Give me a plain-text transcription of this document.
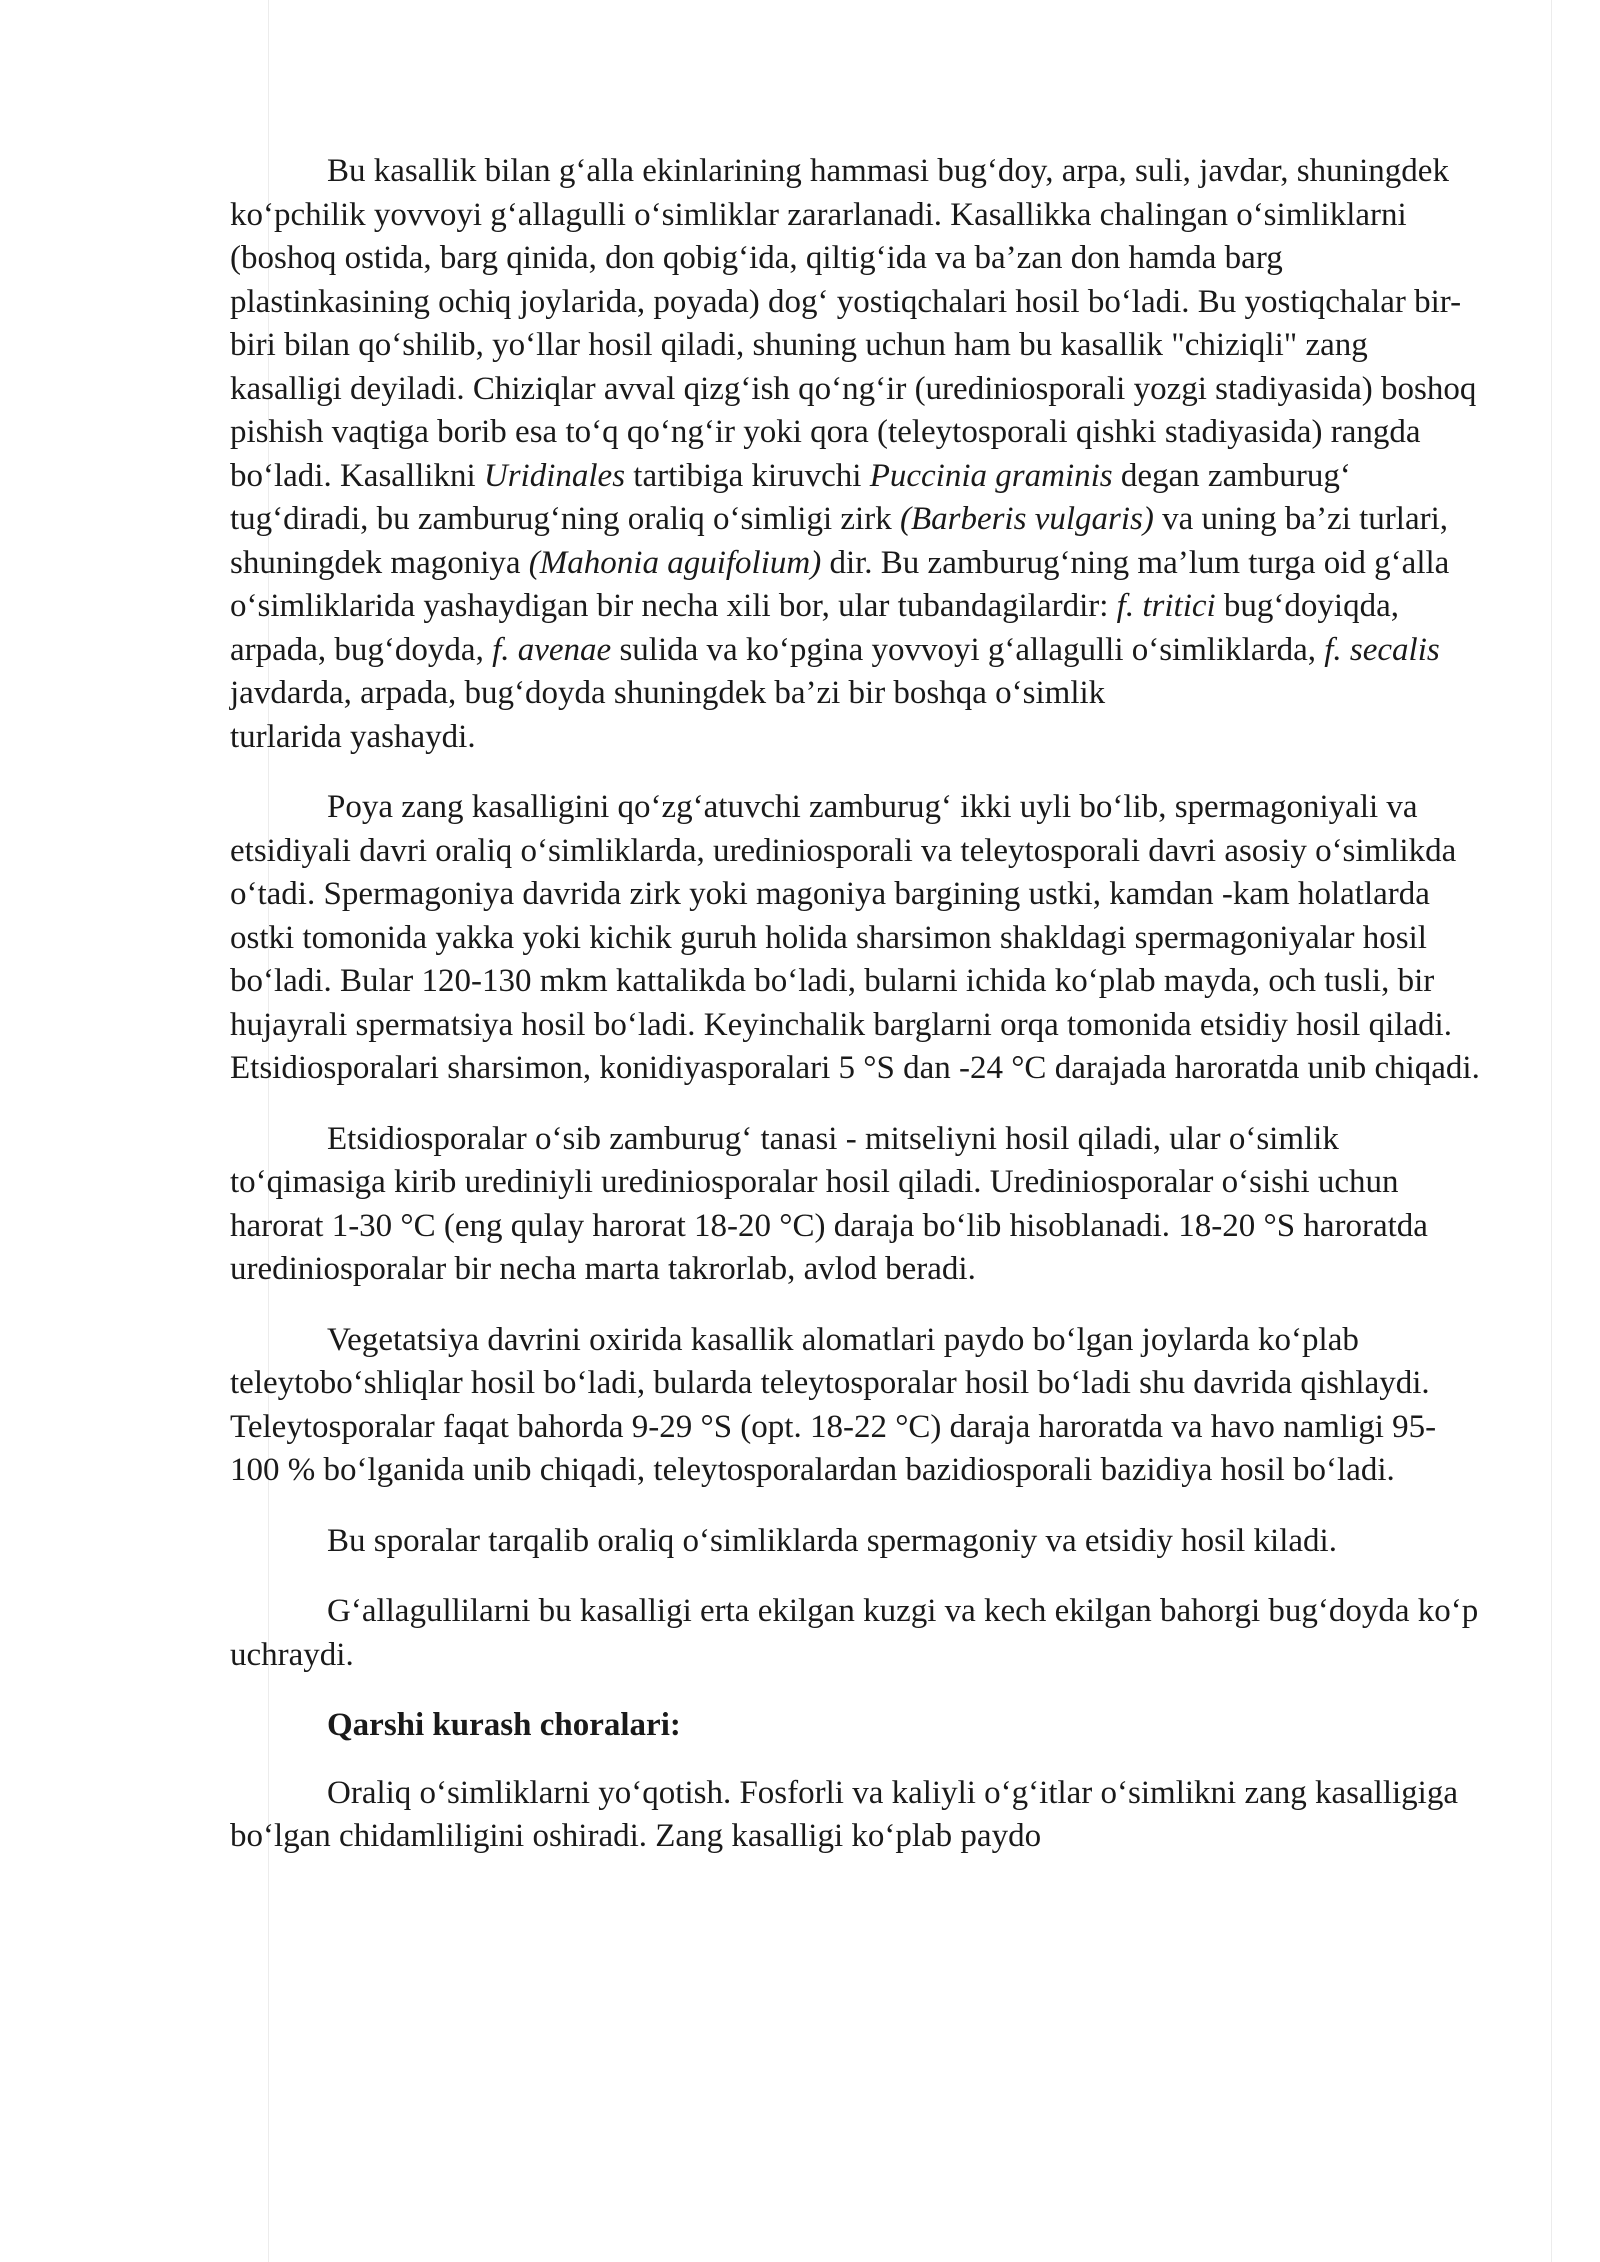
Bu kasallik bilan g‘alla ekinlarining hammasi bug‘doy, arpa, suli, javdar, shuningdek ko‘pchilik yovvoyi g‘allagulli o‘simliklar zararlanadi. Kasallikka chalingan o‘simliklarni (boshoq ostida, barg qinida, don qobig‘ida, qiltig‘ida va ba’zan don hamda barg plastinkasining ochiq joylarida, poyada) dog‘ yostiqchalari hosil bo‘ladi. Bu yostiqchalar bir-biri bilan qo‘shilib, yo‘llar hosil qiladi, shuning uchun ham bu kasallik "chiziqli" zang kasalligi deyiladi. Chiziqlar avval qizg‘ish qo‘ng‘ir (urediniosporali yozgi stadiyasida) boshoq pishish vaqtiga borib esa to‘q qo‘ng‘ir yoki qora (teleytosporali qishki stadiyasida) rangda bo‘ladi. Kasallikni Uridinales tartibiga kiruvchi Puccinia graminis degan zamburug‘ tug‘diradi, bu zamburug‘ning oraliq o‘simligi zirk (Barberis vulgaris) va uning ba’zi turlari, shuningdek magoniya (Mahonia aguifolium) dir. Bu zamburug‘ning ma’lum turga oid g‘alla o‘simliklarida yashaydigan bir necha xili bor, ular tubandagilardir: f. tritici bug‘doyiqda, arpada, bug‘doyda, f. avenae sulida va ko‘pgina yovvoyi g‘allagulli o‘simliklarda, f. secalis javdarda, arpada, bug‘doyda shuningdek ba’zi bir boshqa o‘simlik
turlarida yashaydi.

Poya zang kasalligini qo‘zg‘atuvchi zamburug‘ ikki uyli bo‘lib, spermagoniyali va etsidiyali davri oraliq o‘simliklarda, urediniosporali va teleytosporali davri asosiy o‘simlikda o‘tadi. Spermagoniya davrida zirk yoki magoniya bargining ustki, kamdan -kam holatlarda ostki tomonida yakka yoki kichik guruh holida sharsimon shakldagi spermagoniyalar hosil bo‘ladi. Bular 120-130 mkm kattalikda bo‘ladi, bularni ichida ko‘plab mayda, och tusli, bir hujayrali spermatsiya hosil bo‘ladi. Keyinchalik barglarni orqa tomonida etsidiy hosil qiladi. Etsidiosporalari sharsimon, konidiyasporalari 5 °S dan -24 °C darajada haroratda unib chiqadi.

Etsidiosporalar o‘sib zamburug‘ tanasi - mitseliyni hosil qiladi, ular o‘simlik to‘qimasiga kirib urediniyli urediniosporalar hosil qiladi. Urediniosporalar o‘sishi uchun harorat 1-30 °C (eng qulay harorat 18-20 °C) daraja bo‘lib hisoblanadi. 18-20 °S haroratda urediniosporalar bir necha marta takrorlab, avlod beradi.

Vegetatsiya davrini oxirida kasallik alomatlari paydo bo‘lgan joylarda ko‘plab teleytobo‘shliqlar hosil bo‘ladi, bularda teleytosporalar hosil bo‘ladi shu davrida qishlaydi. Teleytosporalar faqat bahorda 9-29 °S (opt. 18-22 °C) daraja haroratda va havo namligi 95-100 % bo‘lganida unib chiqadi, teleytosporalardan bazidiosporali bazidiya hosil bo‘ladi.

Bu sporalar tarqalib oraliq o‘simliklarda spermagoniy va etsidiy hosil kiladi.

G‘allagullilarni bu kasalligi erta ekilgan kuzgi va kech ekilgan bahorgi bug‘doyda ko‘p uchraydi.

Qarshi kurash choralari:

Oraliq o‘simliklarni yo‘qotish. Fosforli va kaliyli o‘g‘itlar o‘simlikni zang kasalligiga bo‘lgan chidamliligini oshiradi. Zang kasalligi ko‘plab paydo
